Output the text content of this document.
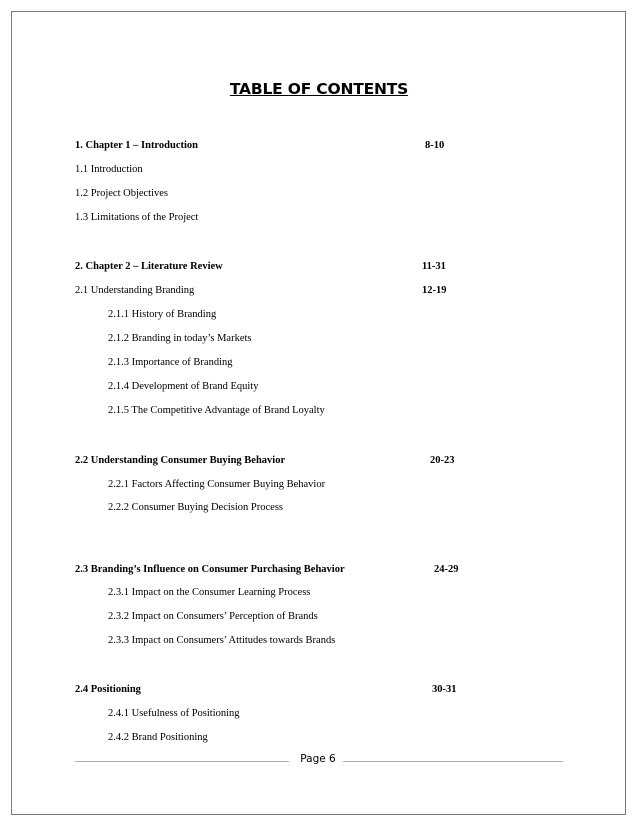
TABLE OF CONTENTS
1. Chapter 1 – Introduction	8-10
1.1 Introduction
1.2 Project Objectives
1.3 Limitations of the Project
2. Chapter 2 – Literature Review	11-31
2.1 Understanding Branding	12-19
2.1.1 History of Branding
2.1.2 Branding in today’s Markets
2.1.3 Importance of Branding
2.1.4 Development of Brand Equity
2.1.5 The Competitive Advantage of Brand Loyalty
2.2 Understanding Consumer Buying Behavior	20-23
2.2.1 Factors Affecting Consumer Buying Behavior
2.2.2 Consumer Buying Decision Process
2.3 Branding’s Influence on Consumer Purchasing Behavior	24-29
2.3.1 Impact on the Consumer Learning Process
2.3.2 Impact on Consumers’ Perception of Brands
2.3.3 Impact on Consumers’ Attitudes towards Brands
2.4 Positioning	30-31
2.4.1 Usefulness of Positioning
2.4.2 Brand Positioning
Page 6
